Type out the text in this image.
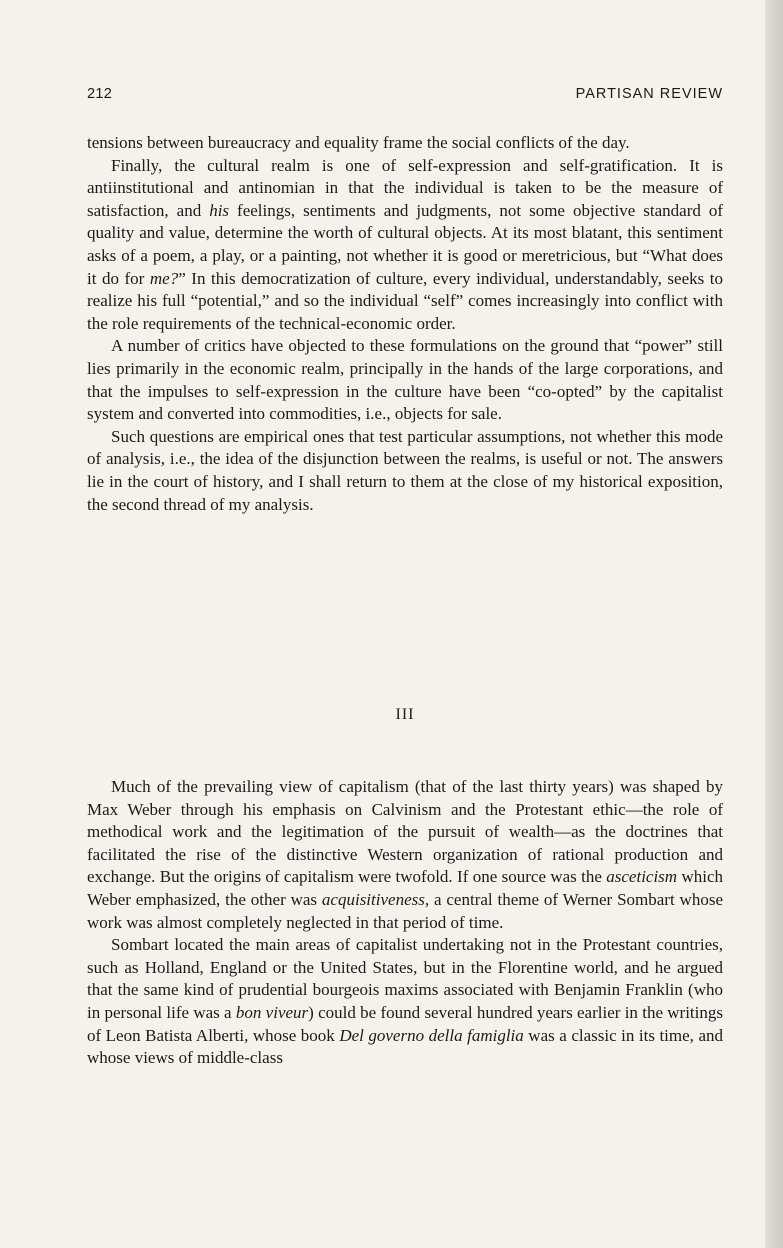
212	PARTISAN REVIEW

tensions between bureaucracy and equality frame the social conflicts of the day.

Finally, the cultural realm is one of self-expression and self-gratification. It is antiinstitutional and antinomian in that the individual is taken to be the measure of satisfaction, and his feelings, sentiments and judgments, not some objective standard of quality and value, determine the worth of cultural objects. At its most blatant, this sentiment asks of a poem, a play, or a painting, not whether it is good or meretricious, but “What does it do for me?” In this democratization of culture, every individual, understandably, seeks to realize his full “potential,” and so the individual “self” comes increasingly into conflict with the role requirements of the technical-economic order.

A number of critics have objected to these formulations on the ground that “power” still lies primarily in the economic realm, principally in the hands of the large corporations, and that the impulses to self-expression in the culture have been “co-opted” by the capitalist system and converted into commodities, i.e., objects for sale.

Such questions are empirical ones that test particular assumptions, not whether this mode of analysis, i.e., the idea of the disjunction between the realms, is useful or not. The answers lie in the court of history, and I shall return to them at the close of my historical exposition, the second thread of my analysis.

III

Much of the prevailing view of capitalism (that of the last thirty years) was shaped by Max Weber through his emphasis on Calvinism and the Protestant ethic—the role of methodical work and the legitimation of the pursuit of wealth—as the doctrines that facilitated the rise of the distinctive Western organization of rational production and exchange. But the origins of capitalism were twofold. If one source was the asceticism which Weber emphasized, the other was acquisitiveness, a central theme of Werner Sombart whose work was almost completely neglected in that period of time.

Sombart located the main areas of capitalist undertaking not in the Protestant countries, such as Holland, England or the United States, but in the Florentine world, and he argued that the same kind of prudential bourgeois maxims associated with Benjamin Franklin (who in personal life was a bon viveur) could be found several hundred years earlier in the writings of Leon Batista Alberti, whose book Del governo della famiglia was a classic in its time, and whose views of middle-class
